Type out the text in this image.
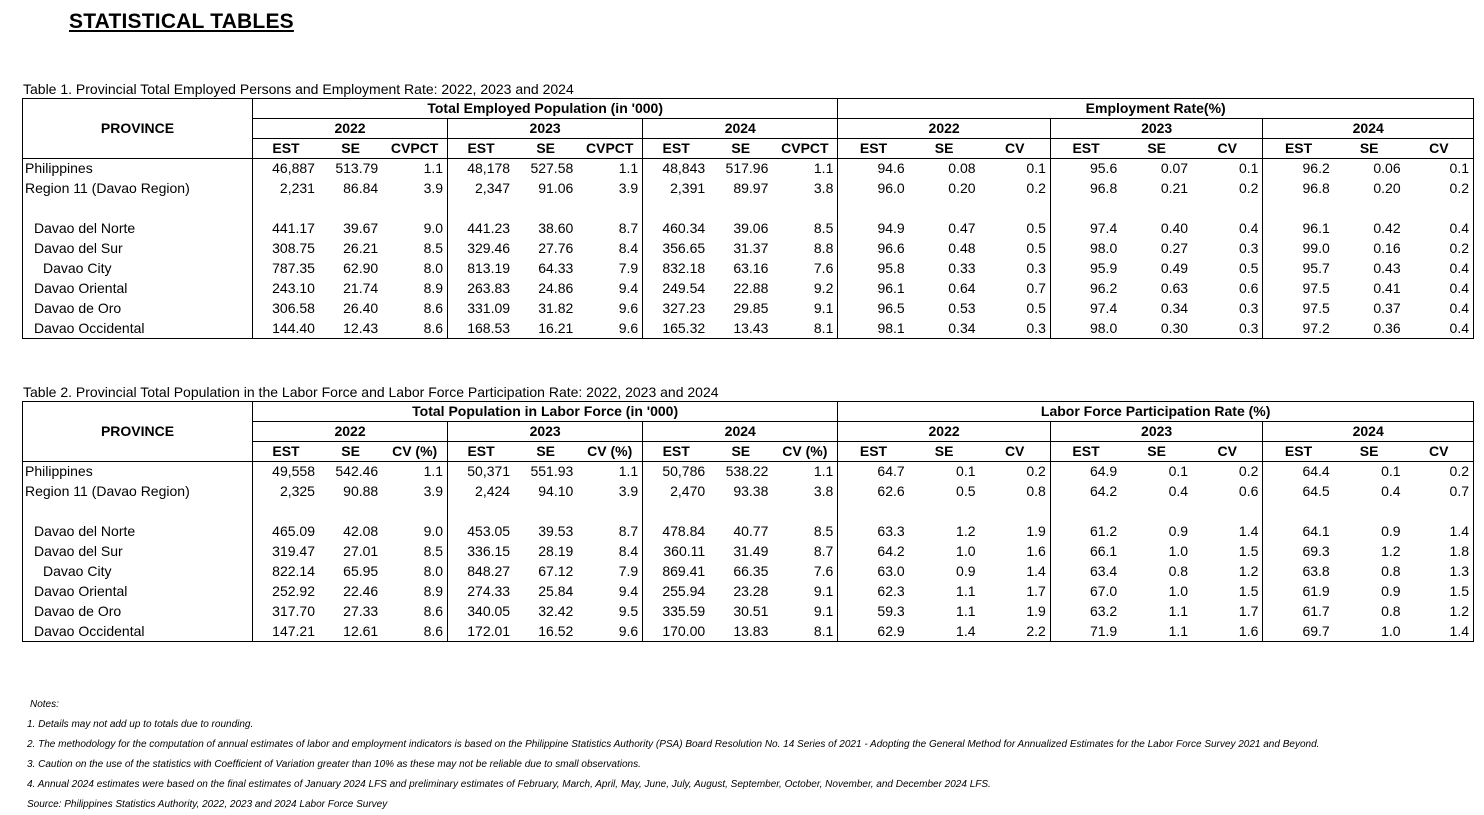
STATISTICAL TABLES
Table 1. Provincial Total Employed Persons and Employment Rate: 2022, 2023 and 2024
PROVINCE	Total Employed Population (in '000)									Employment Rate(%)								
	2022			2023			2024			2022			2023			2024		
	EST	SE	CVPCT	EST	SE	CVPCT	EST	SE	CVPCT	EST	SE	CV	EST	SE	CV	EST	SE	CV
Philippines	46,887	513.79	1.1	48,178	527.58	1.1	48,843	517.96	1.1	94.6	0.08	0.1	95.6	0.07	0.1	96.2	0.06	0.1
Region 11 (Davao Region)	2,231	86.84	3.9	2,347	91.06	3.9	2,391	89.97	3.8	96.0	0.20	0.2	96.8	0.21	0.2	96.8	0.20	0.2

Davao del Norte	441.17	39.67	9.0	441.23	38.60	8.7	460.34	39.06	8.5	94.9	0.47	0.5	97.4	0.40	0.4	96.1	0.42	0.4
Davao del Sur	308.75	26.21	8.5	329.46	27.76	8.4	356.65	31.37	8.8	96.6	0.48	0.5	98.0	0.27	0.3	99.0	0.16	0.2
Davao City	787.35	62.90	8.0	813.19	64.33	7.9	832.18	63.16	7.6	95.8	0.33	0.3	95.9	0.49	0.5	95.7	0.43	0.4
Davao Oriental	243.10	21.74	8.9	263.83	24.86	9.4	249.54	22.88	9.2	96.1	0.64	0.7	96.2	0.63	0.6	97.5	0.41	0.4
Davao de Oro	306.58	26.40	8.6	331.09	31.82	9.6	327.23	29.85	9.1	96.5	0.53	0.5	97.4	0.34	0.3	97.5	0.37	0.4
Davao Occidental	144.40	12.43	8.6	168.53	16.21	9.6	165.32	13.43	8.1	98.1	0.34	0.3	98.0	0.30	0.3	97.2	0.36	0.4
Table 2. Provincial Total Population in the Labor Force and Labor Force Participation Rate: 2022, 2023 and 2024
PROVINCE	Total Population in Labor Force (in '000)									Labor Force Participation Rate (%)								
	2022			2023			2024			2022			2023			2024		
	EST	SE	CV (%)	EST	SE	CV (%)	EST	SE	CV (%)	EST	SE	CV	EST	SE	CV	EST	SE	CV
Philippines	49,558	542.46	1.1	50,371	551.93	1.1	50,786	538.22	1.1	64.7	0.1	0.2	64.9	0.1	0.2	64.4	0.1	0.2
Region 11 (Davao Region)	2,325	90.88	3.9	2,424	94.10	3.9	2,470	93.38	3.8	62.6	0.5	0.8	64.2	0.4	0.6	64.5	0.4	0.7

Davao del Norte	465.09	42.08	9.0	453.05	39.53	8.7	478.84	40.77	8.5	63.3	1.2	1.9	61.2	0.9	1.4	64.1	0.9	1.4
Davao del Sur	319.47	27.01	8.5	336.15	28.19	8.4	360.11	31.49	8.7	64.2	1.0	1.6	66.1	1.0	1.5	69.3	1.2	1.8
Davao City	822.14	65.95	8.0	848.27	67.12	7.9	869.41	66.35	7.6	63.0	0.9	1.4	63.4	0.8	1.2	63.8	0.8	1.3
Davao Oriental	252.92	22.46	8.9	274.33	25.84	9.4	255.94	23.28	9.1	62.3	1.1	1.7	67.0	1.0	1.5	61.9	0.9	1.5
Davao de Oro	317.70	27.33	8.6	340.05	32.42	9.5	335.59	30.51	9.1	59.3	1.1	1.9	63.2	1.1	1.7	61.7	0.8	1.2
Davao Occidental	147.21	12.61	8.6	172.01	16.52	9.6	170.00	13.83	8.1	62.9	1.4	2.2	71.9	1.1	1.6	69.7	1.0	1.4
Notes:
1. Details may not add up to totals due to rounding.
2. The methodology for the computation of annual estimates of labor and employment indicators is based on the Philippine Statistics Authority (PSA) Board Resolution No. 14 Series of 2021 - Adopting the General Method for Annualized Estimates for the Labor Force Survey 2021 and Beyond.
3. Caution on the use of the statistics with Coefficient of Variation greater than 10% as these may not be reliable due to small observations.
4. Annual 2024 estimates were based on the final estimates of January 2024 LFS and preliminary estimates of February, March, April, May, June, July, August, September, October, November, and December 2024 LFS.
Source: Philippines Statistics Authority, 2022, 2023 and 2024 Labor Force Survey
